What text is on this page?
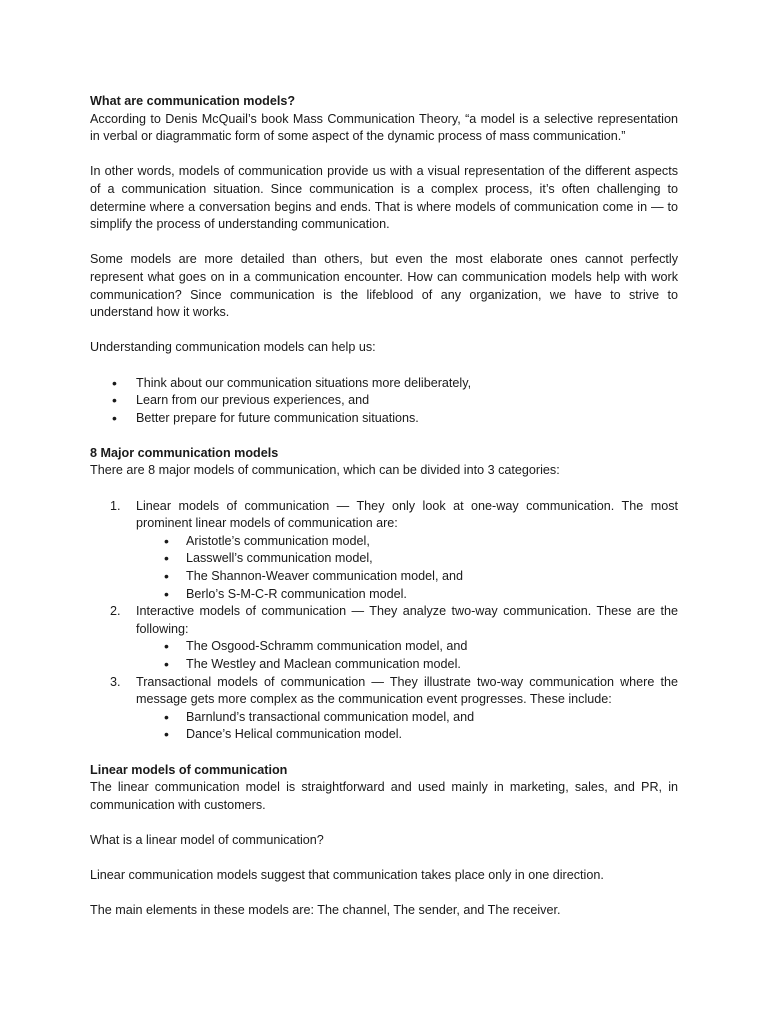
What are communication models?

According to Denis McQuail’s book Mass Communication Theory, “a model is a selective representation in verbal or diagrammatic form of some aspect of the dynamic process of mass communication.”

In other words, models of communication provide us with a visual representation of the different aspects of a communication situation. Since communication is a complex process, it’s often challenging to determine where a conversation begins and ends. That is where models of communication come in — to simplify the process of understanding communication.

Some models are more detailed than others, but even the most elaborate ones cannot perfectly represent what goes on in a communication encounter. How can communication models help with work communication? Since communication is the lifeblood of any organization, we have to strive to understand how it works.

Understanding communication models can help us:

• Think about our communication situations more deliberately,
• Learn from our previous experiences, and
• Better prepare for future communication situations.

8 Major communication models

There are 8 major models of communication, which can be divided into 3 categories:

1. Linear models of communication — They only look at one-way communication. The most prominent linear models of communication are:

• Aristotle’s communication model,
• Lasswell’s communication model,
• The Shannon-Weaver communication model, and
• Berlo’s S-M-C-R communication model.
2. Interactive models of communication — They analyze two-way communication. These are the following:

• The Osgood-Schramm communication model, and
• The Westley and Maclean communication model.
3. Transactional models of communication — They illustrate two-way communication where the message gets more complex as the communication event progresses. These include:

• Barnlund’s transactional communication model, and
• Dance’s Helical communication model.

Linear models of communication

The linear communication model is straightforward and used mainly in marketing, sales, and PR, in communication with customers.

What is a linear model of communication?

Linear communication models suggest that communication takes place only in one direction.

The main elements in these models are: The channel, The sender, and The receiver.
